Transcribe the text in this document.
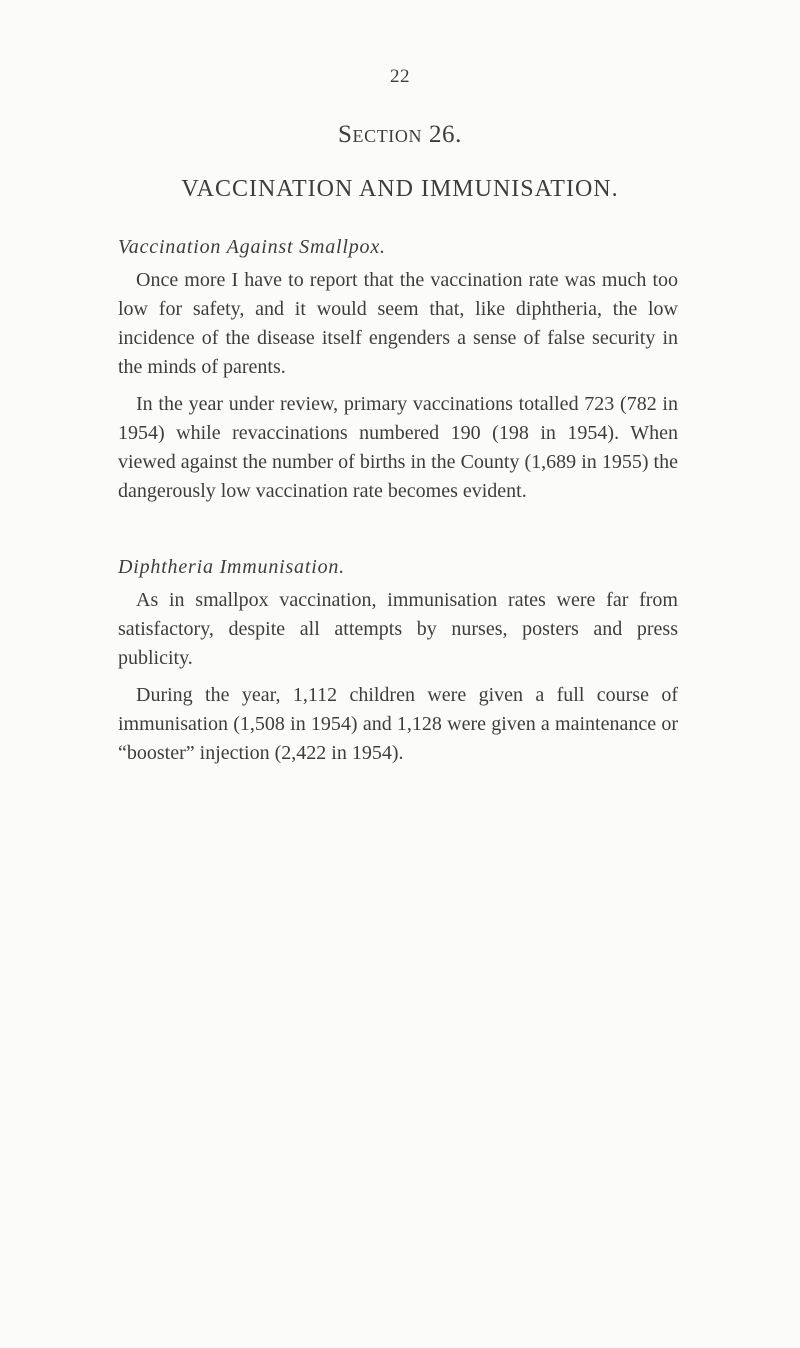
22
Section 26.
VACCINATION AND IMMUNISATION.
Vaccination Against Smallpox.

Once more I have to report that the vaccination rate was much too low for safety, and it would seem that, like diphtheria, the low incidence of the disease itself engenders a sense of false security in the minds of parents.

In the year under review, primary vaccinations totalled 723 (782 in 1954) while revaccinations numbered 190 (198 in 1954). When viewed against the number of births in the County (1,689 in 1955) the dangerously low vaccination rate becomes evident.

Diphtheria Immunisation.

As in smallpox vaccination, immunisation rates were far from satisfactory, despite all attempts by nurses, posters and press publicity.

During the year, 1,112 children were given a full course of immunisation (1,508 in 1954) and 1,128 were given a maintenance or “booster” injection (2,422 in 1954).
